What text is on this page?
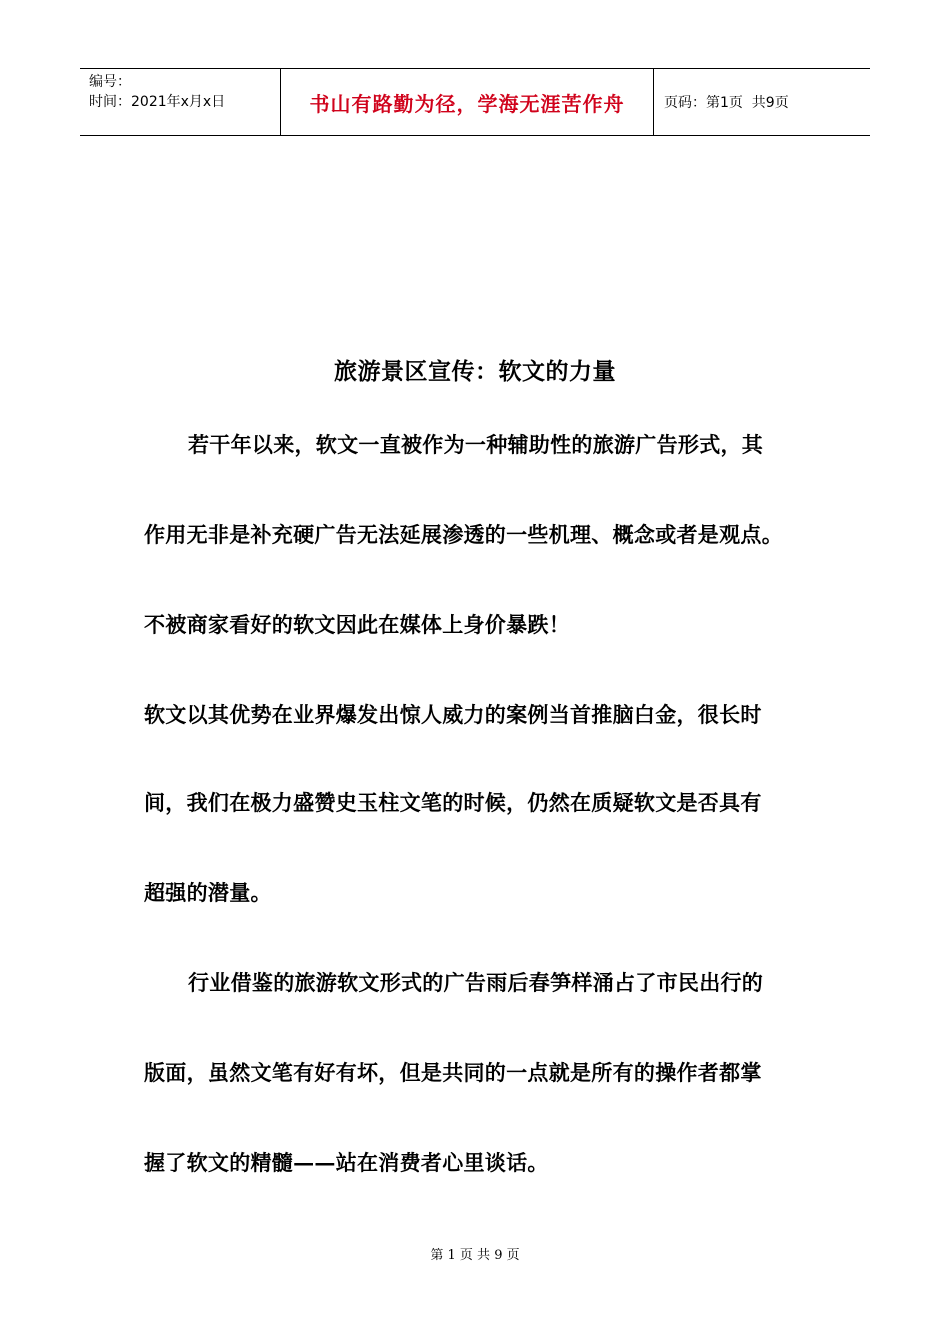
编号：
时间：2021年x月x日	书山有路勤为径，学海无涯苦作舟	页码：第1页  共9页
旅游景区宣传：软文的力量
若干年以来，软文一直被作为一种辅助性的旅游广告形式，其
作用无非是补充硬广告无法延展渗透的一些机理、概念或者是观点。
不被商家看好的软文因此在媒体上身价暴跌！
软文以其优势在业界爆发出惊人威力的案例当首推脑白金，很长时
间，我们在极力盛赞史玉柱文笔的时候，仍然在质疑软文是否具有
超强的潜量。
行业借鉴的旅游软文形式的广告雨后春笋样涌占了市民出行的
版面，虽然文笔有好有坏，但是共同的一点就是所有的操作者都掌
握了软文的精髓——站在消费者心里谈话。
第 1 页 共 9 页
